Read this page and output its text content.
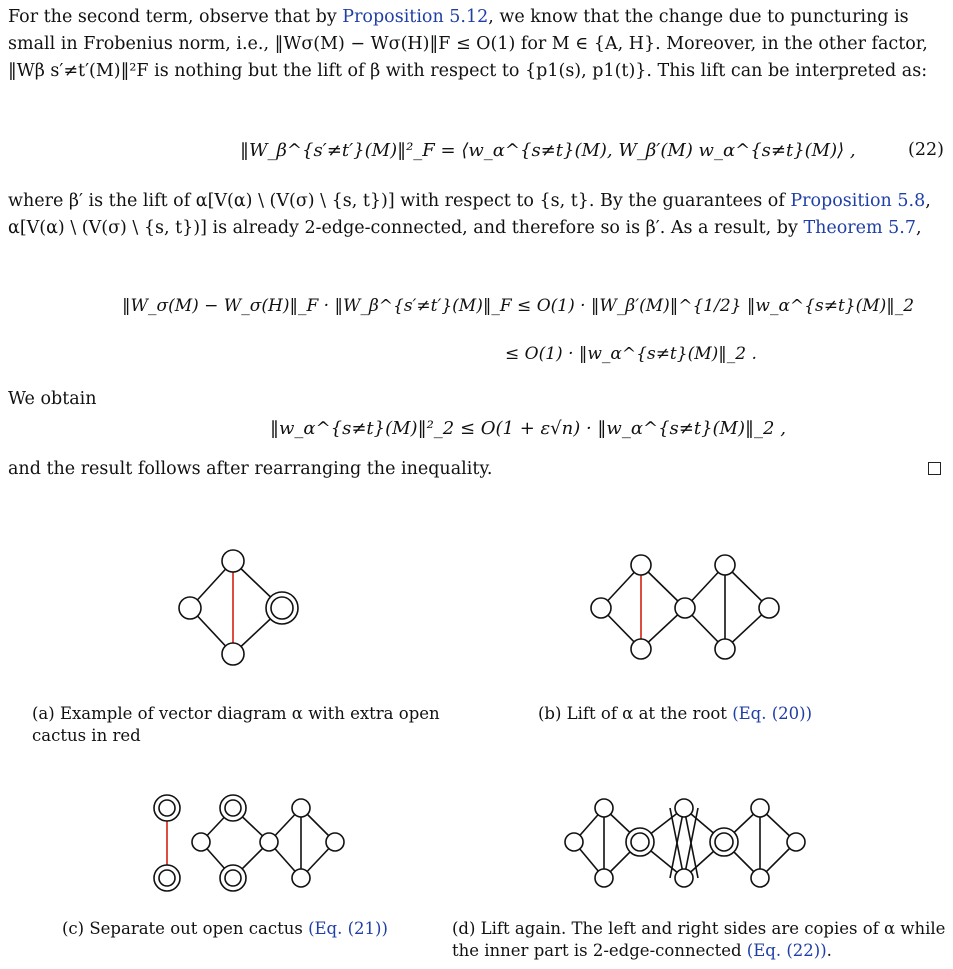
For the second term, observe that by Proposition 5.12, we know that the change due to puncturing is small in Frobenius norm, i.e., ‖Wσ(M) − Wσ(H)‖F ≤ O(1) for M ∈ {A, H}. Moreover, in the other factor, ‖Wβ s′≠t′(M)‖²F is nothing but the lift of β with respect to {p1(s), p1(t)}. This lift can be interpreted as:
‖W_β^{s′≠t′}(M)‖²_F = ⟨w_α^{s≠t}(M), W_β′(M) w_α^{s≠t}(M)⟩ ,	(22)
where β′ is the lift of α[V(α) \ (V(σ) \ {s, t})] with respect to {s, t}. By the guarantees of Proposition 5.8, α[V(α) \ (V(σ) \ {s, t})] is already 2-edge-connected, and therefore so is β′. As a result, by Theorem 5.7,
‖W_σ(M) − W_σ(H)‖_F · ‖W_β^{s′≠t′}(M)‖_F ≤ O(1) · ‖W_β′(M)‖^{1/2} ‖w_α^{s≠t}(M)‖_2
≤ O(1) · ‖w_α^{s≠t}(M)‖_2 .
We obtain
‖w_α^{s≠t}(M)‖²_2 ≤ O(1 + ε√n) · ‖w_α^{s≠t}(M)‖_2 ,
and the result follows after rearranging the inequality.
(a) Example of vector diagram α with extra open cactus in red
(b) Lift of α at the root (Eq. (20))
(c) Separate out open cactus (Eq. (21))	(d) Lift again. The left and right sides are copies of α while the inner part is 2-edge-connected (Eq. (22)).
